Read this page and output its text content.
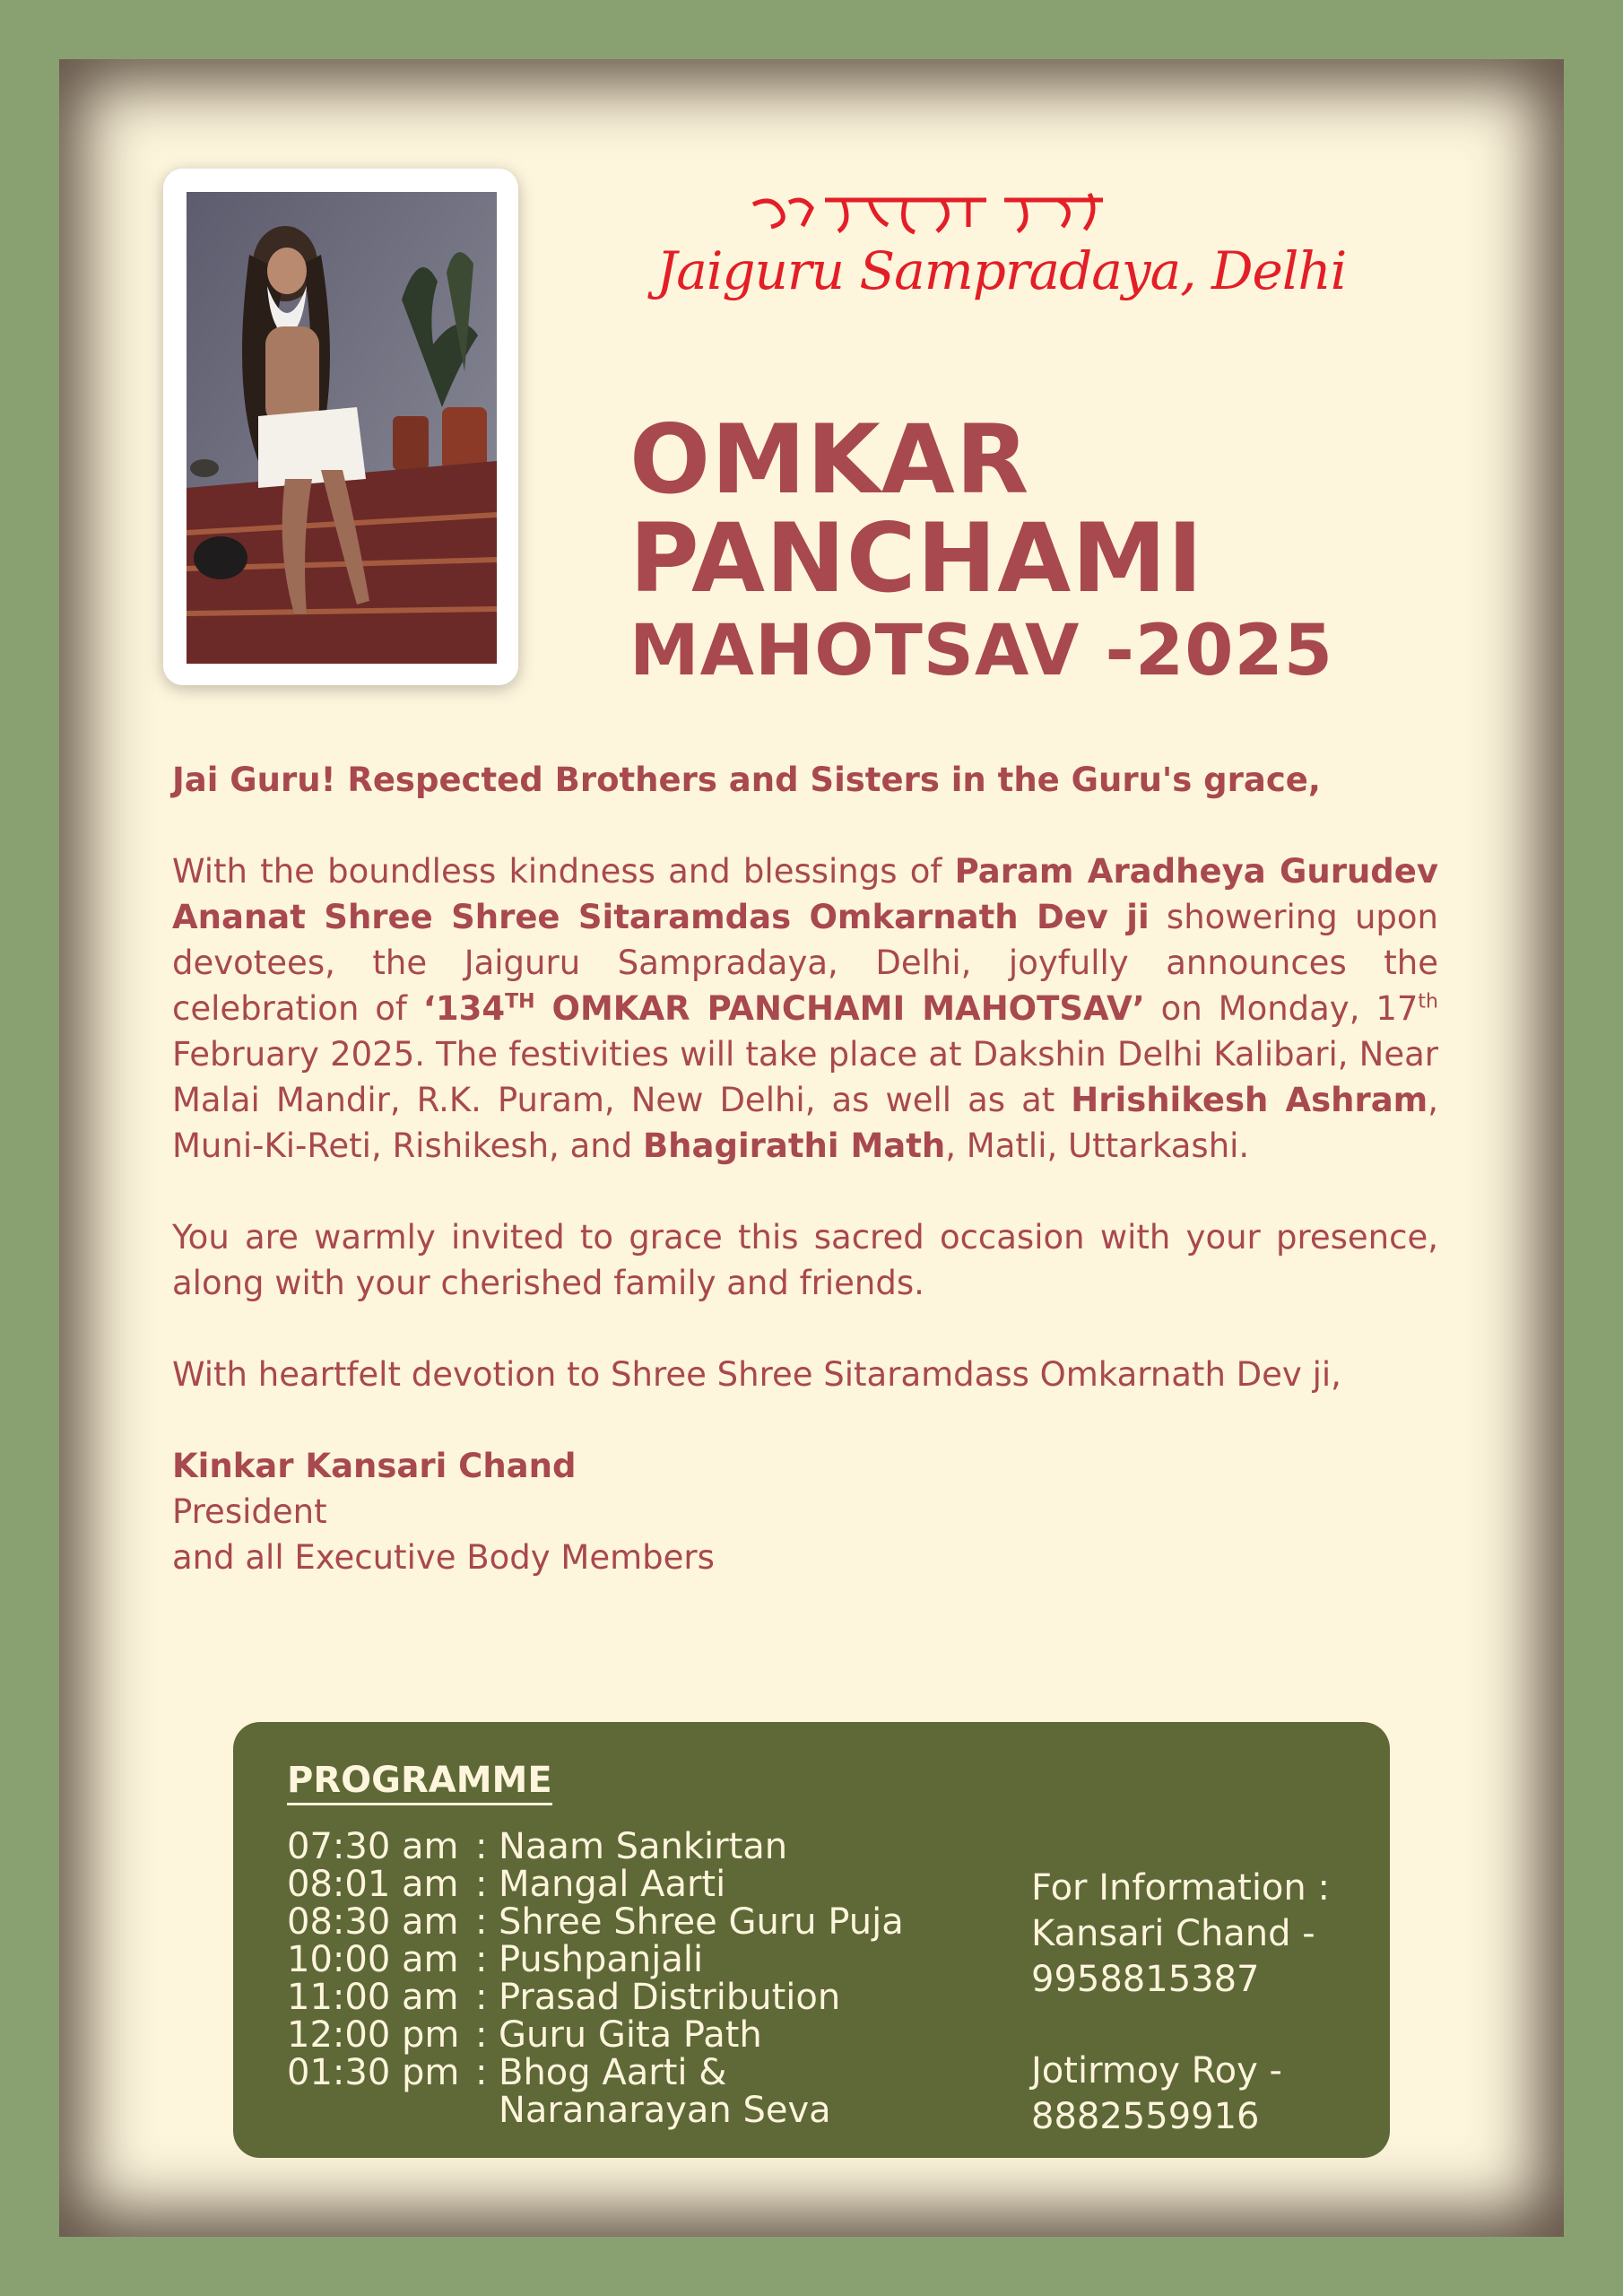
Jaiguru Sampradaya, Delhi
OMKAR
PANCHAMI
MAHOTSAV -2025

Jai Guru! Respected Brothers and Sisters in the Guru's grace,

With the boundless kindness and blessings of Param Aradheya Gurudev Ananat Shree Shree Sitaramdas Omkarnath Dev ji showering upon devotees, the Jaiguru Sampradaya, Delhi, joyfully announces the celebration of ‘134TH OMKAR PANCHAMI MAHOTSAV’ on Monday, 17th February 2025. The festivities will take place at Dakshin Delhi Kalibari, Near Malai Mandir, R.K. Puram, New Delhi, as well as at Hrishikesh Ashram, Muni-Ki-Reti, Rishikesh, and Bhagirathi Math, Matli, Uttarkashi.

You are warmly invited to grace this sacred occasion with your presence, along with your cherished family and friends.

With heartfelt devotion to Shree Shree Sitaramdass Omkarnath Dev ji,

Kinkar Kansari Chand

President

and all Executive Body Members

PROGRAMME
07:30 am : Naam Sankirtan
08:01 am : Mangal Aarti
08:30 am : Shree Shree Guru Puja
10:00 am : Pushpanjali
11:00 am : Prasad Distribution
12:00 pm : Guru Gita Path
01:30 pm : Bhog Aarti &
Naranarayan Seva
For Information :
Kansari Chand -
9958815387
Jotirmoy Roy -
8882559916
